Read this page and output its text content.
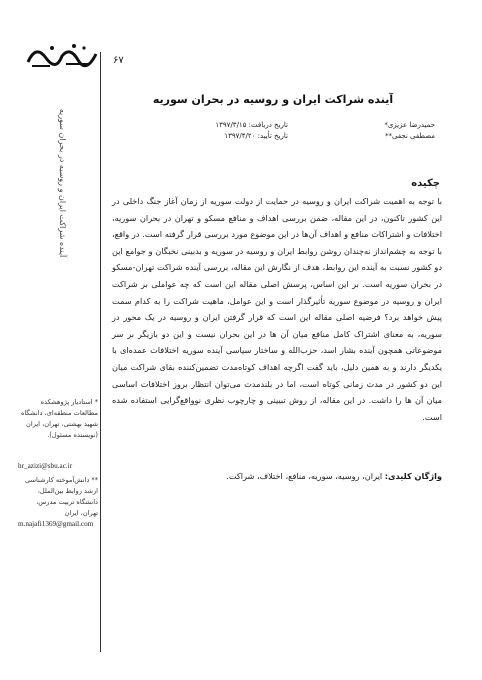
۶۷
آینده شراکت ایران و روسیه در بحران سوریه
آینده شراکت ایران و روسیه در بحران سوریه
حمیدرضا عزیزی*
مصطفی نجفی**
تاریخ دریافت: ۱۳۹۷/۳/۱۵
تاریخ تأیید: ۱۳۹۷/۴/۲۰
چکیده
با توجه به اهمیت شراکت ایران و روسیه در حمایت از دولت سوریه از زمان آغاز جنگ داخلی در این کشور تاکنون، در این مقاله، ضمن بررسی اهداف و منافع مسکو و تهران در بحران سوریه، اختلافات و اشتراکات منافع و اهداف آن‌ها در این موضوع مورد بررسی قرار گرفته است. در واقع، با توجه به چشم‌انداز نه‌چندان روشن روابط ایران و روسیه در سوریه و بدبینی نخبگان و جوامع این دو کشور نسبت به آینده این روابط، هدف از نگارش این مقاله، بررسی آینده شراکت تهران-مسکو در بحران سوریه است. بر این اساس، پرسش اصلی مقاله این است که چه عواملی بر شراکت ایران و روسیه در موضوع سوریه تأثیرگذار است و این عوامل، ماهیت شراکت را به کدام سمت پیش خواهد برد؟ فرضیه اصلی مقاله این است که قرار گرفتن ایران و روسیه در یک محور در سوریه، به معنای اشتراک کامل منافع میان آن ها در این بحران نیست و این دو بازیگر بر سر موضوعاتی همچون آینده بشار اسد، حزب‌الله و ساختار سیاسی آینده سوریه اختلافات عمده‌ای با یکدیگر دارند و به همین دلیل، باید گفت اگرچه اهداف کوتاه‌مدت تضمین‌کننده بقای شراکت میان این دو کشور در مدت زمانی کوتاه است، اما در بلندمدت می‌توان انتظار بروز اختلافات اساسی میان آن ها را داشت. در این مقاله، از روش تبیینی و چارچوب نظری نوواقع‌گرایی استفاده شده است.
واژگان کلیدی: ایران، روسیه، سوریه، منافع، اختلاف، شراکت.
* استادیار پژوهشکده مطالعات منطقه‌ای، دانشگاه شهید بهشتی، تهران، ایران (نویسنده مسئول).
hr_azizi@sbu.ac.ir
** دانش‌آموخته کارشناسی ارشد روابط بین‌الملل، دانشگاه تربیت مدرس، تهران، ایران
m.najafi1369@gmail.com
